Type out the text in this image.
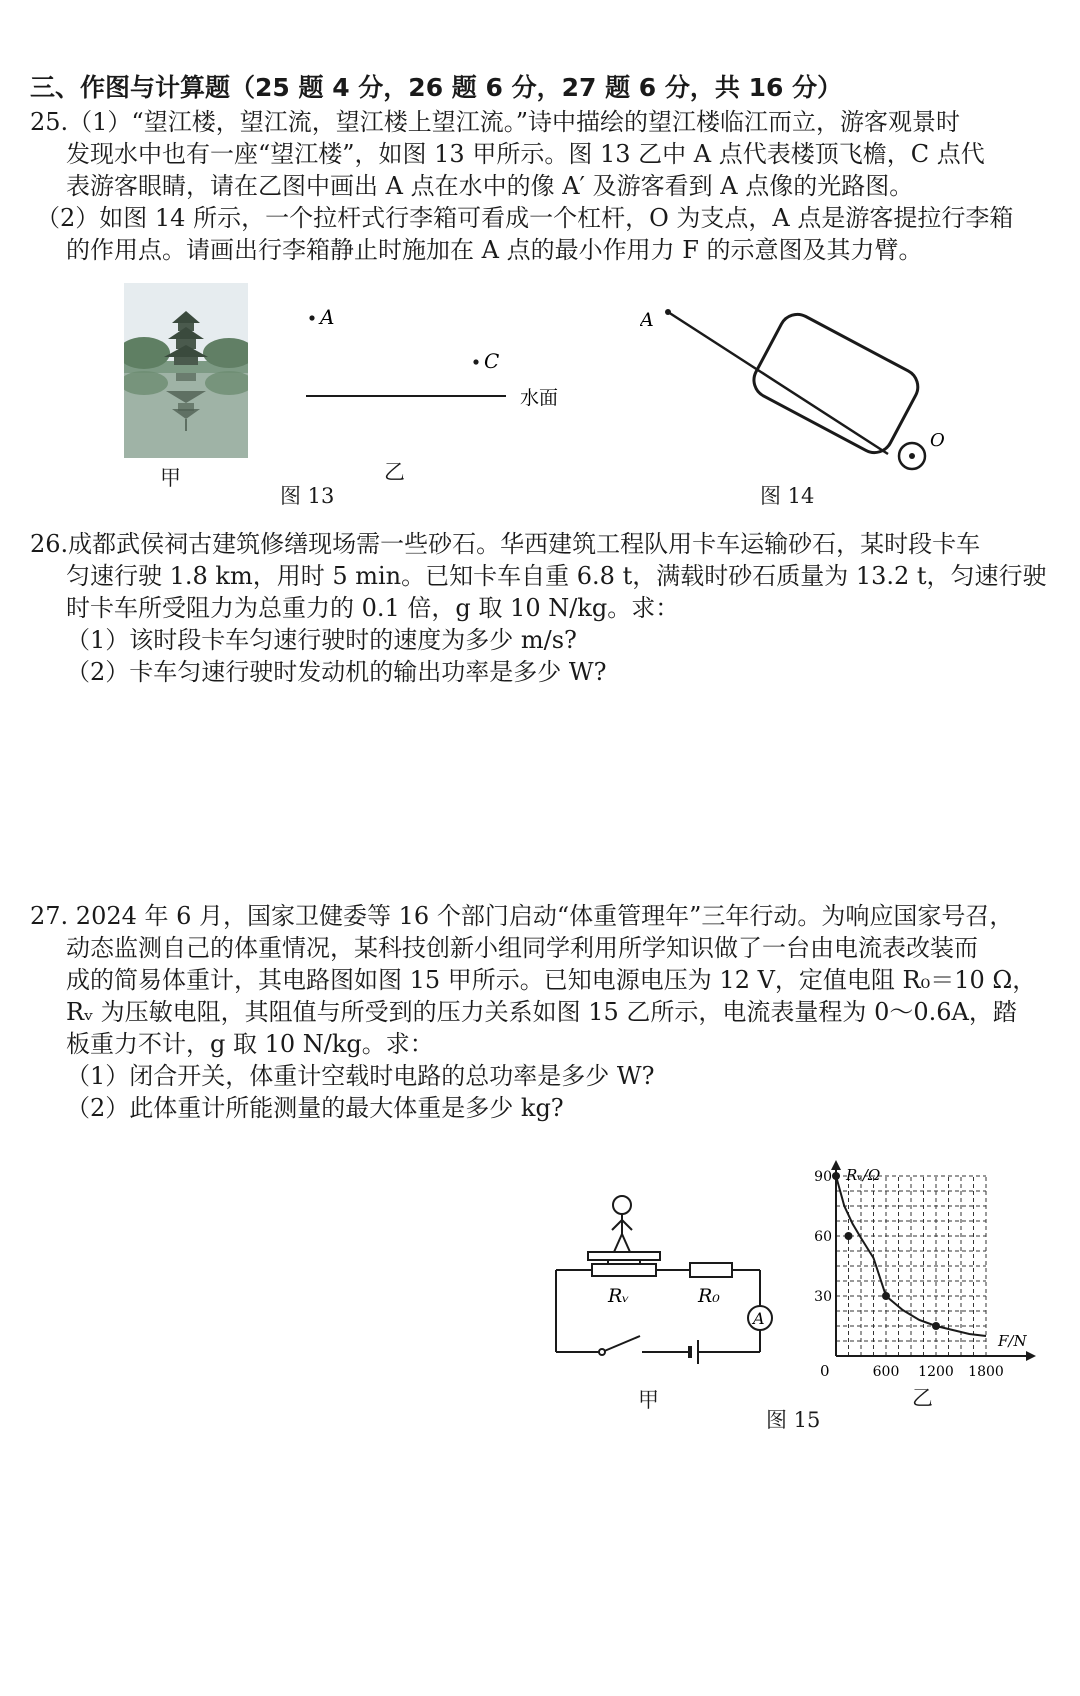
三、作图与计算题（25 题 4 分，26 题 6 分，27 题 6 分，共 16 分）
25.（1）“望江楼，望江流，望江楼上望江流。”诗中描绘的望江楼临江而立，游客观景时
发现水中也有一座“望江楼”，如图 13 甲所示。图 13 乙中 A 点代表楼顶飞檐，C 点代
表游客眼睛，请在乙图中画出 A 点在水中的像 A′ 及游客看到 A 点像的光路图。
（2）如图 14 所示，一个拉杆式行李箱可看成一个杠杆，O 为支点，A 点是游客提拉行李箱
的作用点。请画出行李箱静止时施加在 A 点的最小作用力 F 的示意图及其力臂。
甲
A
C
水面
乙
图 13
A
O
图 14
26.成都武侯祠古建筑修缮现场需一些砂石。华西建筑工程队用卡车运输砂石，某时段卡车
匀速行驶 1.8 km，用时 5 min。已知卡车自重 6.8 t，满载时砂石质量为 13.2 t，匀速行驶
时卡车所受阻力为总重力的 0.1 倍，g 取 10 N/kg。求：
（1）该时段卡车匀速行驶时的速度为多少 m/s?
（2）卡车匀速行驶时发动机的输出功率是多少 W?
27. 2024 年 6 月，国家卫健委等 16 个部门启动“体重管理年”三年行动。为响应国家号召，
动态监测自己的体重情况，某科技创新小组同学利用所学知识做了一台由电流表改装而
成的简易体重计，其电路图如图 15 甲所示。已知电源电压为 12 V，定值电阻 R₀＝10 Ω，
Rᵥ 为压敏电阻，其阻值与所受到的压力关系如图 15 乙所示，电流表量程为 0～0.6A，踏
板重力不计，g 取 10 N/kg。求：
（1）闭合开关，体重计空载时电路的总功率是多少 W?
（2）此体重计所能测量的最大体重是多少 kg?
A
Rᵥ	R₀
甲
图 15
Rᵥ/Ω
F/N
0	600 1200 1800
30
60
90
乙
